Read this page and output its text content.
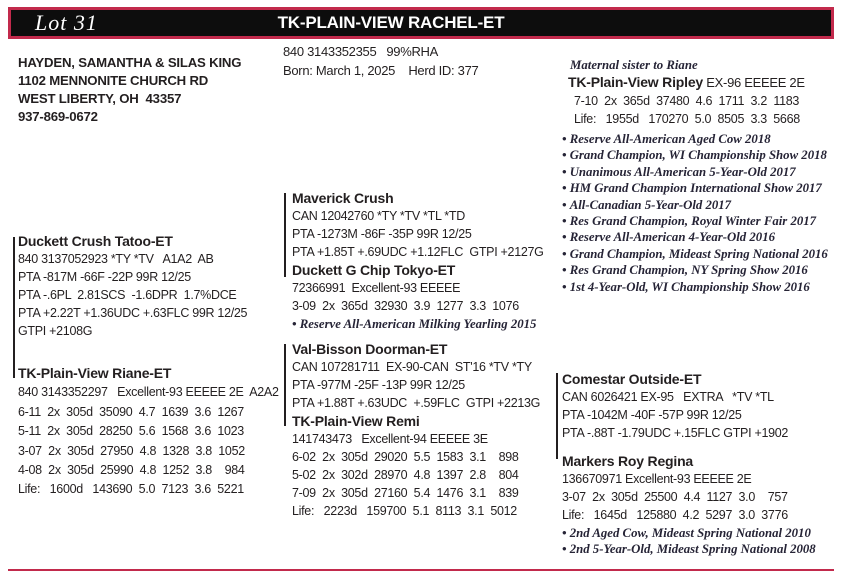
Lot 31	TK-PLAIN-VIEW RACHEL-ET
HAYDEN, SAMANTHA & SILAS KING
1102 MENNONITE CHURCH RD
WEST LIBERTY, OH  43357
937-869-0672
840 3143352355   99%RHA
Born: March 1, 2025    Herd ID: 377
Duckett Crush Tatoo-ET
840 3137052923 *TY *TV   A1A2  AB
PTA -817M -66F -22P 99R 12/25
PTA -.6PL  2.81SCS  -1.6DPR  1.7%DCE
PTA +2.22T +1.36UDC +.63FLC 99R 12/25
GTPI +2108G
TK-Plain-View Riane-ET
840 3143352297   Excellent-93 EEEEE 2E  A2A2
6-11  2x  305d  35090  4.7  1639  3.6  1267
5-11  2x  305d  28250  5.6  1568  3.6  1023
3-07  2x  305d  27950  4.8  1328  3.8  1052
4-08  2x  305d  25990  4.8  1252  3.8    984
Life:   1600d   143690  5.0  7123  3.6  5221
Maverick Crush
CAN 12042760 *TY *TV *TL *TD
PTA -1273M -86F -35P 99R 12/25
PTA +1.85T +.69UDC +1.12FLC  GTPI +2127G
Duckett G Chip Tokyo-ET
72366991  Excellent-93 EEEEE
3-09  2x  365d  32930  3.9  1277  3.3  1076
• Reserve All-American Milking Yearling 2015
Val-Bisson Doorman-ET
CAN 107281711  EX-90-CAN  ST'16 *TV *TY
PTA -977M -25F -13P 99R 12/25
PTA +1.88T +.63UDC  +.59FLC  GTPI +2213G
TK-Plain-View Remi
141743473   Excellent-94 EEEEE 3E
6-02  2x  305d  29020  5.5  1583  3.1    898
5-02  2x  302d  28970  4.8  1397  2.8    804
7-09  2x  305d  27160  5.4  1476  3.1    839
Life:   2223d   159700  5.1  8113  3.1  5012
Maternal sister to Riane
TK-Plain-View Ripley EX-96 EEEEE 2E
7-10  2x  365d  37480  4.6  1711  3.2  1183
Life:   1955d   170270  5.0  8505  3.3  5668
• Reserve All-American Aged Cow 2018
• Grand Champion, WI Championship Show 2018
• Unanimous All-American 5-Year-Old 2017
• HM Grand Champion International Show 2017
• All-Canadian 5-Year-Old 2017
• Res Grand Champion, Royal Winter Fair 2017
• Reserve All-American 4-Year-Old 2016
• Grand Champion, Mideast Spring National 2016
• Res Grand Champion, NY Spring Show 2016
• 1st 4-Year-Old, WI Championship Show 2016
Comestar Outside-ET
CAN 6026421 EX-95   EXTRA   *TV *TL
PTA -1042M -40F -57P 99R 12/25
PTA -.88T -1.79UDC +.15FLC GTPI +1902
Markers Roy Regina
136670971 Excellent-93 EEEEE 2E
3-07  2x  305d  25500  4.4  1127  3.0    757
Life:   1645d   125880  4.2  5297  3.0  3776
• 2nd Aged Cow, Mideast Spring National 2010
• 2nd 5-Year-Old, Mideast Spring National 2008
